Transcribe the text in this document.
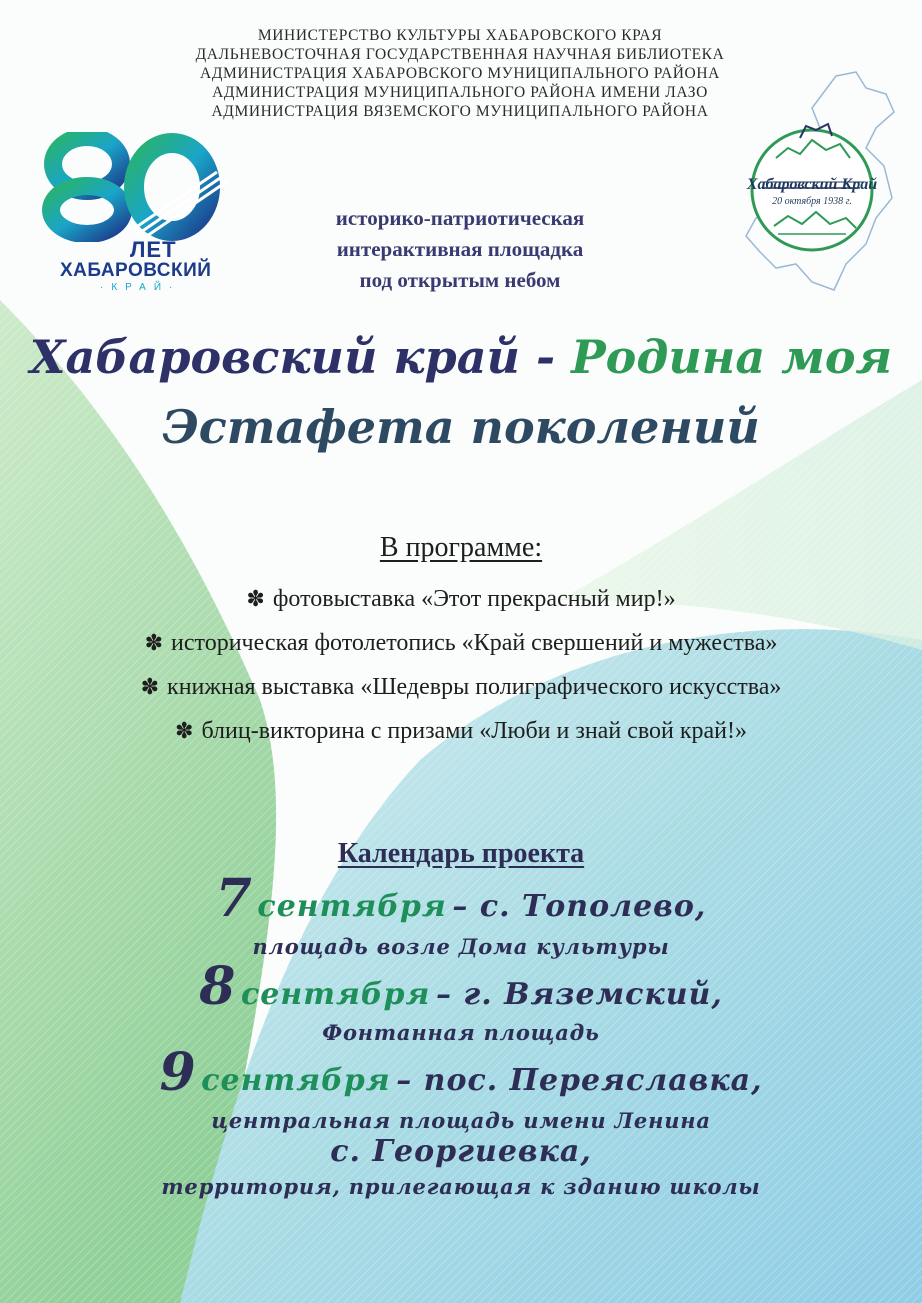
МИНИСТЕРСТВО КУЛЬТУРЫ ХАБАРОВСКОГО КРАЯ
ДАЛЬНЕВОСТОЧНАЯ ГОСУДАРСТВЕННАЯ НАУЧНАЯ БИБЛИОТЕКА
АДМИНИСТРАЦИЯ ХАБАРОВСКОГО МУНИЦИПАЛЬНОГО РАЙОНА
АДМИНИСТРАЦИЯ МУНИЦИПАЛЬНОГО РАЙОНА ИМЕНИ ЛАЗО
АДМИНИСТРАЦИЯ ВЯЗЕМСКОГО МУНИЦИПАЛЬНОГО РАЙОНА
ЛЕТ
ХАБАРОВСКИЙ
·КРАЙ·
Хабаровский Край
20 октября 1938 г.
историко-патриотическая
интерактивная площадка
под открытым небом
Хабаровский край - Родина моя
Эстафета поколений
В программе:
✽ фотовыставка «Этот прекрасный мир!»
✽ историческая фотолетопись «Край свершений и мужества»
✽ книжная выставка «Шедевры полиграфического искусства»
✽ блиц-викторина с призами «Люби и знай свой край!»
Календарь проекта
7 сентября – с. Тополево,
площадь возле Дома культуры
8 сентября – г. Вяземский,
Фонтанная площадь
9 сентября – пос. Переяславка,
центральная площадь имени Ленина
с. Георгиевка,
территория, прилегающая к зданию школы
